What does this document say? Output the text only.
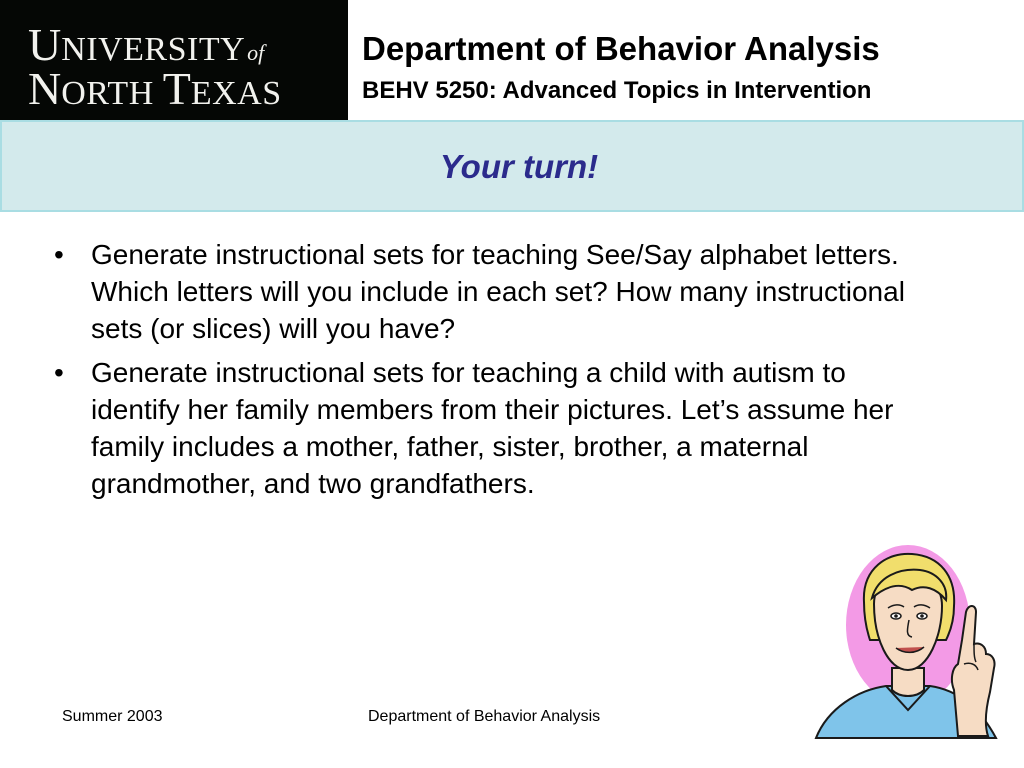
UNIVERSITYof
NORTH TEXAS
Department of Behavior Analysis
BEHV 5250: Advanced Topics in Intervention
Your turn!
• Generate instructional sets for teaching See/Say alphabet letters. Which letters will you include in each set? How many instructional sets (or slices) will you have?
• Generate instructional sets for teaching a child with autism to identify her family members from their pictures. Let’s assume her family includes a mother, father, sister, brother, a maternal grandmother, and two grandfathers.
Summer 2003	Department of Behavior Analysis
